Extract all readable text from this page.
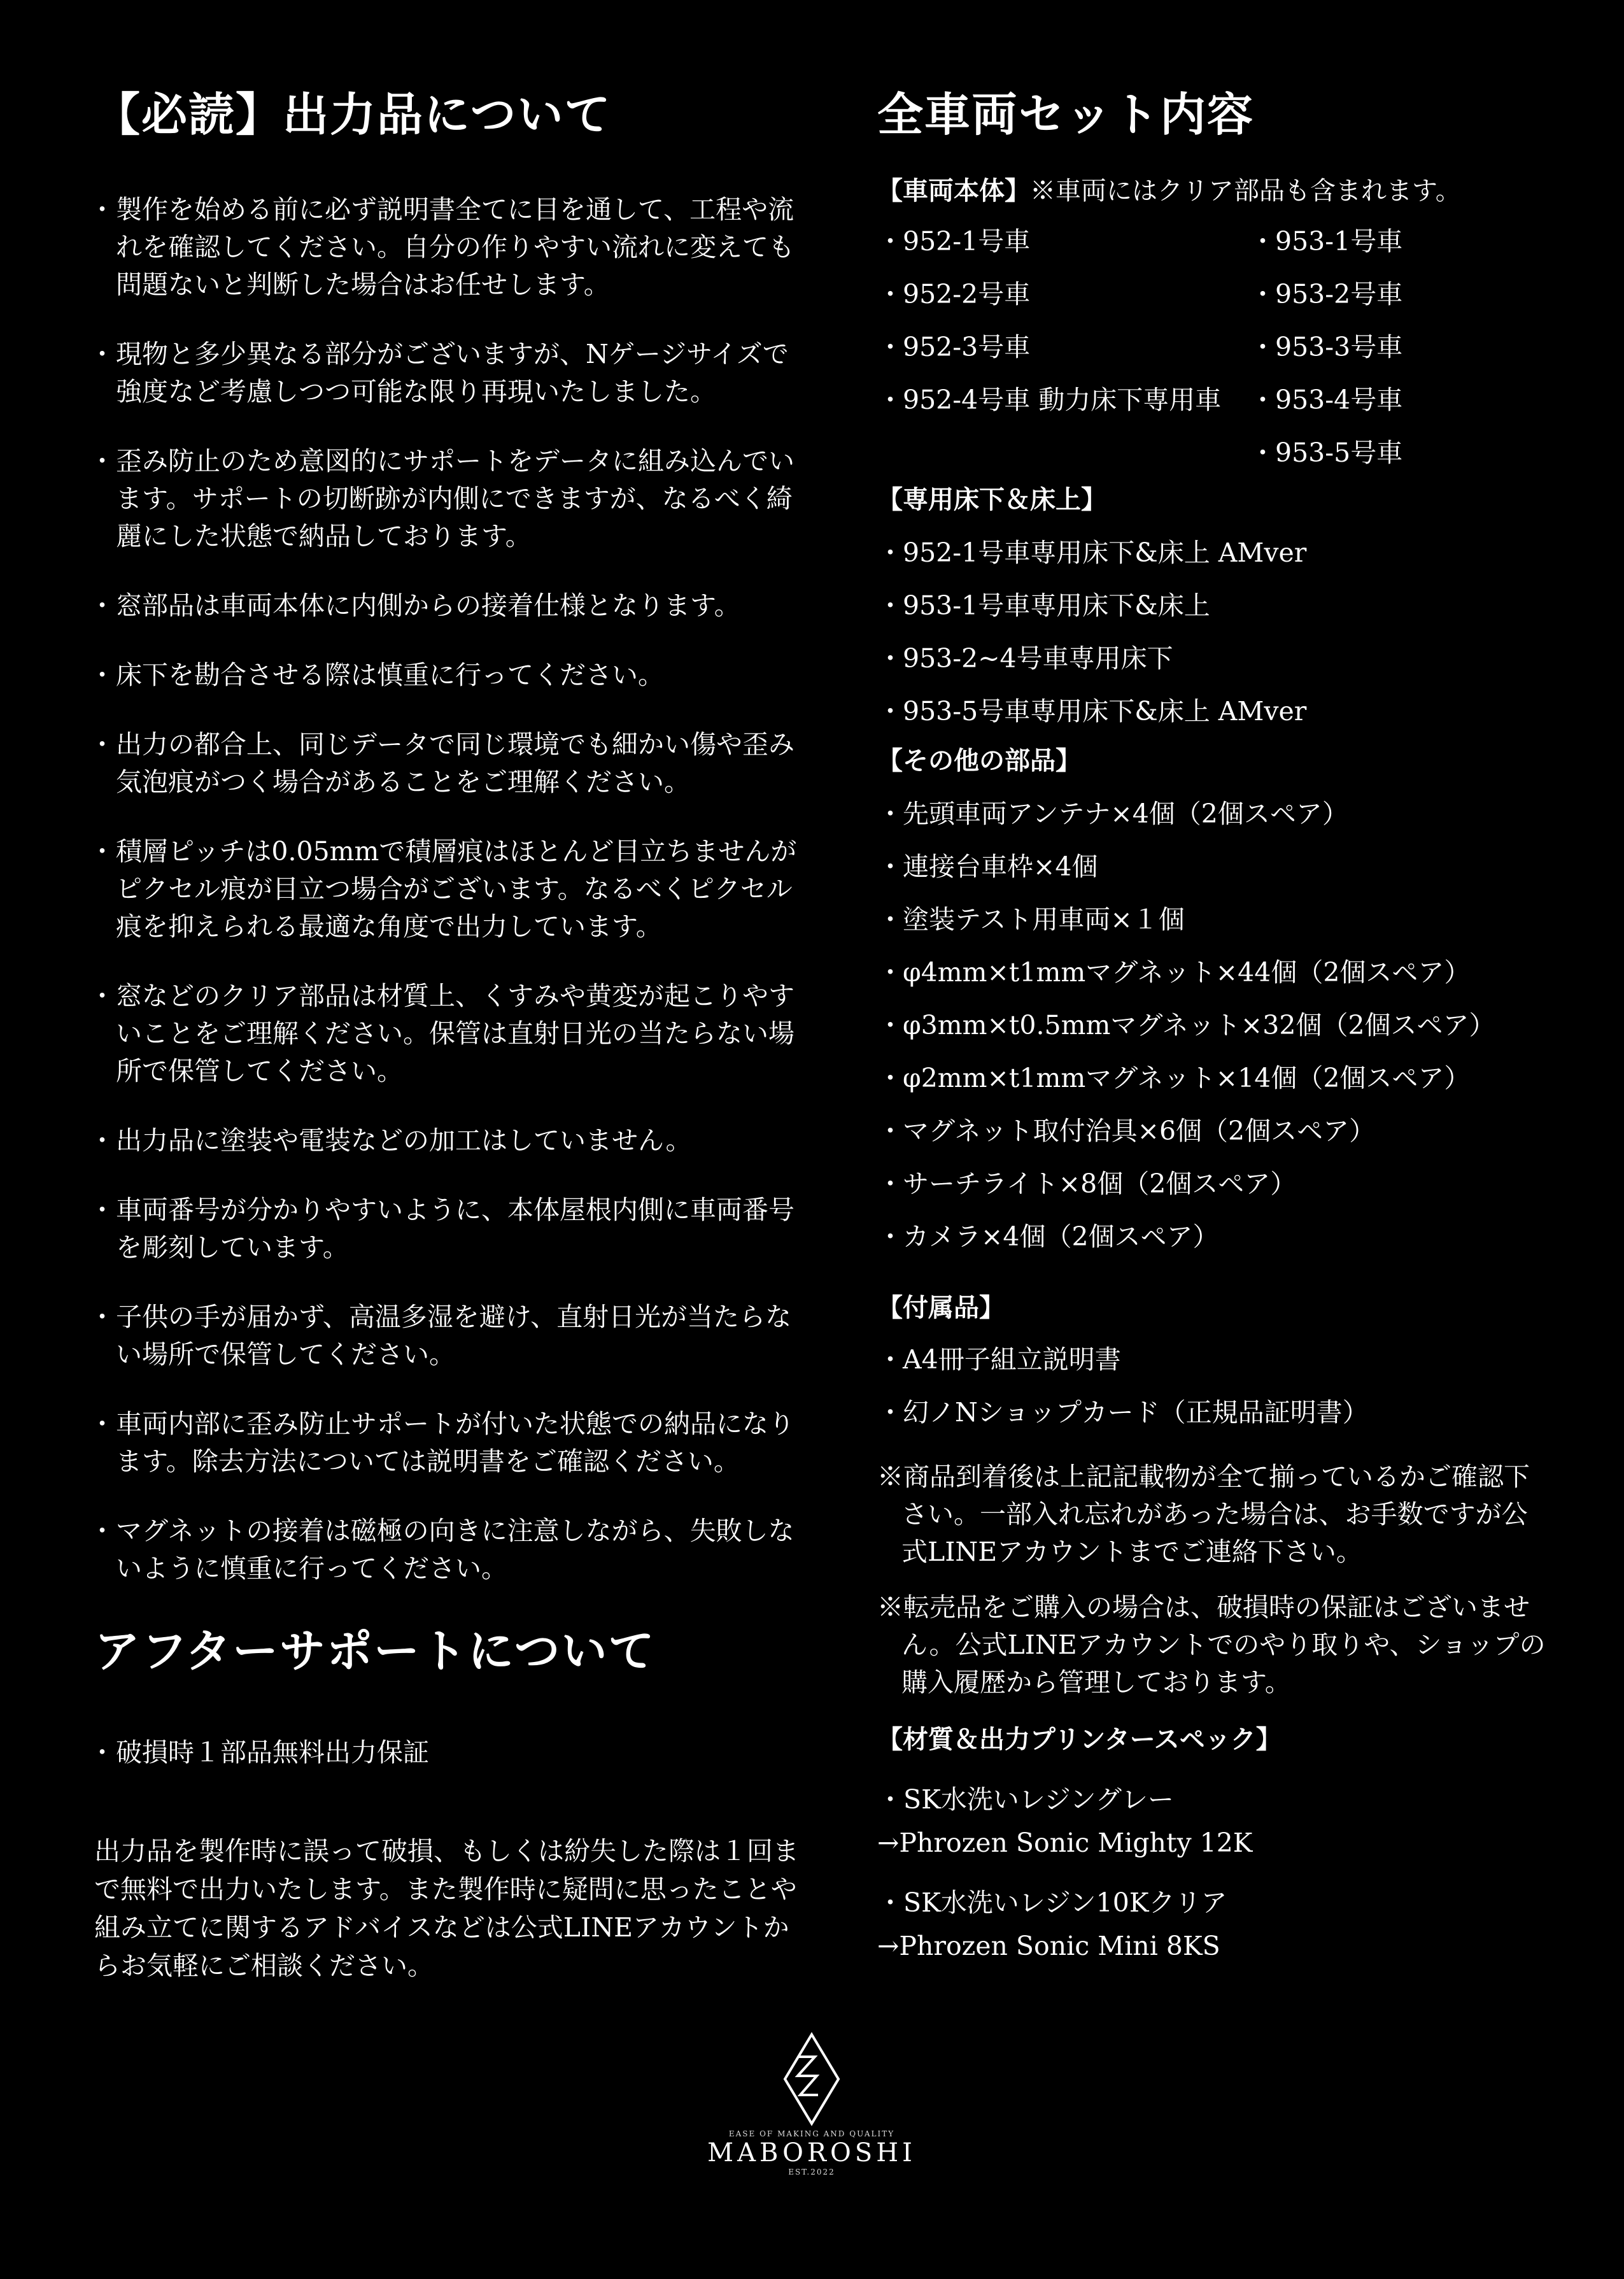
【必読】出力品について
・ 製作を始める前に必ず説明書全てに目を通して、工程や流れを確認してください。自分の作りやすい流れに変えても問題ないと判断した場合はお任せします。
・ 現物と多少異なる部分がございますが、Nゲージサイズで強度など考慮しつつ可能な限り再現いたしました。
・ 歪み防止のため意図的にサポートをデータに組み込んでいます。サポートの切断跡が内側にできますが、なるべく綺麗にした状態で納品しております。
・ 窓部品は車両本体に内側からの接着仕様となります。
・ 床下を勘合させる際は慎重に行ってください。
・ 出力の都合上、同じデータで同じ環境でも細かい傷や歪み気泡痕がつく場合があることをご理解ください。
・ 積層ピッチは0.05mmで積層痕はほとんど目立ちませんがピクセル痕が目立つ場合がございます。なるべくピクセル痕を抑えられる最適な角度で出力しています。
・ 窓などのクリア部品は材質上、くすみや黄変が起こりやすいことをご理解ください。保管は直射日光の当たらない場所で保管してください。
・ 出力品に塗装や電装などの加工はしていません。
・ 車両番号が分かりやすいように、本体屋根内側に車両番号を彫刻しています。
・ 子供の手が届かず、高温多湿を避け、直射日光が当たらない場所で保管してください。
・ 車両内部に歪み防止サポートが付いた状態での納品になります。除去方法については説明書をご確認ください。
・ マグネットの接着は磁極の向きに注意しながら、失敗しないように慎重に行ってください。
アフターサポートについて
・ 破損時１部品無料出力保証
出力品を製作時に誤って破損、もしくは紛失した際は１回まで無料で出力いたします。また製作時に疑問に思ったことや組み立てに関するアドバイスなどは公式LINEアカウントからお気軽にご相談ください。
全車両セット内容

【車両本体】※車両にはクリア部品も含まれます。

・ 952-1号車
・ 952-2号車
・ 952-3号車
・ 952-4号車 動力床下専用車
・ 953-1号車
・ 953-2号車
・ 953-3号車
・ 953-4号車
・ 953-5号車

【専用床下＆床上】

・ 952-1号車専用床下&床上 AMver
・ 953-1号車専用床下&床上
・ 953-2~4号車専用床下
・ 953-5号車専用床下&床上 AMver

【その他の部品】

・ 先頭車両アンテナ×4個（2個スペア）
・ 連接台車枠×4個
・ 塗装テスト用車両×１個
・ φ4mm×t1mmマグネット×44個（2個スペア）
・ φ3mm×t0.5mmマグネット×32個（2個スペア）
・ φ2mm×t1mmマグネット×14個（2個スペア）
・ マグネット取付治具×6個（2個スペア）
・ サーチライト×8個（2個スペア）
・ カメラ×4個（2個スペア）

【付属品】

・ A4冊子組立説明書
・ 幻ノNショップカード（正規品証明書）

※商品到着後は上記記載物が全て揃っているかご確認下さい。一部入れ忘れがあった場合は、お手数ですが公式LINEアカウントまでご連絡下さい。

※転売品をご購入の場合は、破損時の保証はございません。公式LINEアカウントでのやり取りや、ショップの購入履歴から管理しております。

【材質＆出力プリンタースペック】

・SK水洗いレジングレー

→Phrozen Sonic Mighty 12K

・SK水洗いレジン10Kクリア

→Phrozen Sonic Mini 8KS

EASE OF MAKING AND QUALITY
MABOROSHI
EST.2022
